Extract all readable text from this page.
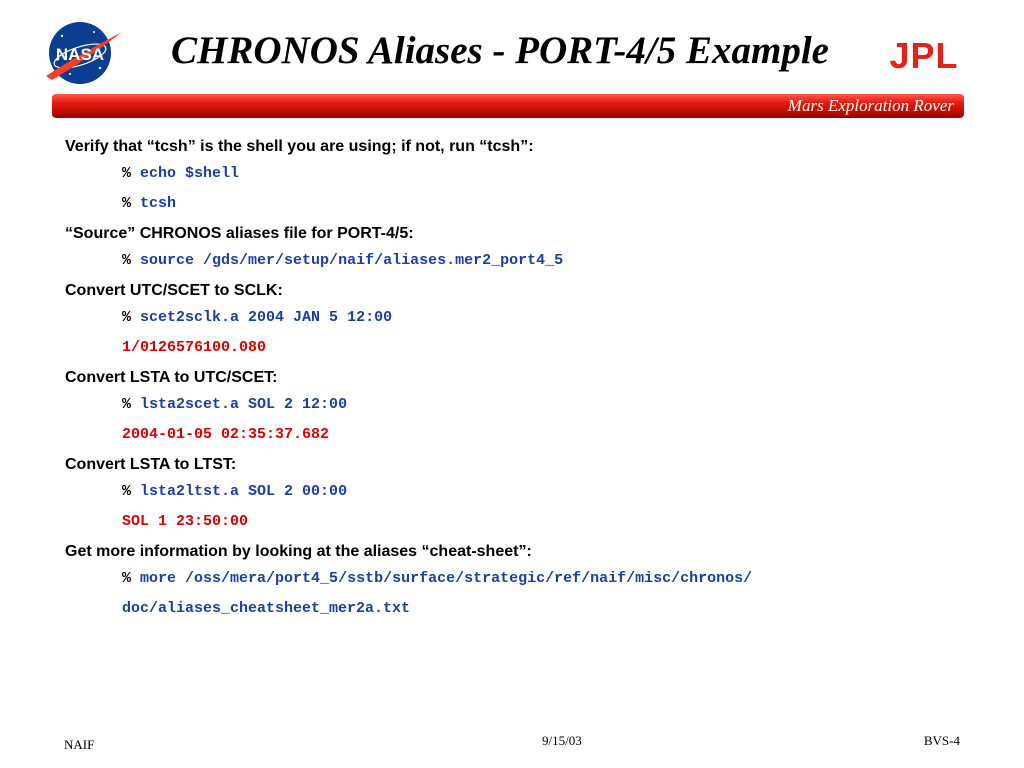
NASA	CHRONOS Aliases - PORT-4/5 Example	JPL
Mars Exploration Rover
Verify that “tcsh” is the shell you are using; if not, run “tcsh”:
% echo $shell
% tcsh
“Source” CHRONOS aliases file for PORT-4/5:
% source /gds/mer/setup/naif/aliases.mer2_port4_5
Convert UTC/SCET to SCLK:
% scet2sclk.a 2004 JAN 5 12:00
1/0126576100.080
Convert LSTA to UTC/SCET:
% lsta2scet.a SOL 2 12:00
2004-01-05 02:35:37.682
Convert LSTA to LTST:
% lsta2ltst.a SOL 2 00:00
SOL 1 23:50:00
Get more information by looking at the aliases “cheat-sheet”:
% more /oss/mera/port4_5/sstb/surface/strategic/ref/naif/misc/chronos/
doc/aliases_cheatsheet_mer2a.txt
NAIF	9/15/03	BVS-4
